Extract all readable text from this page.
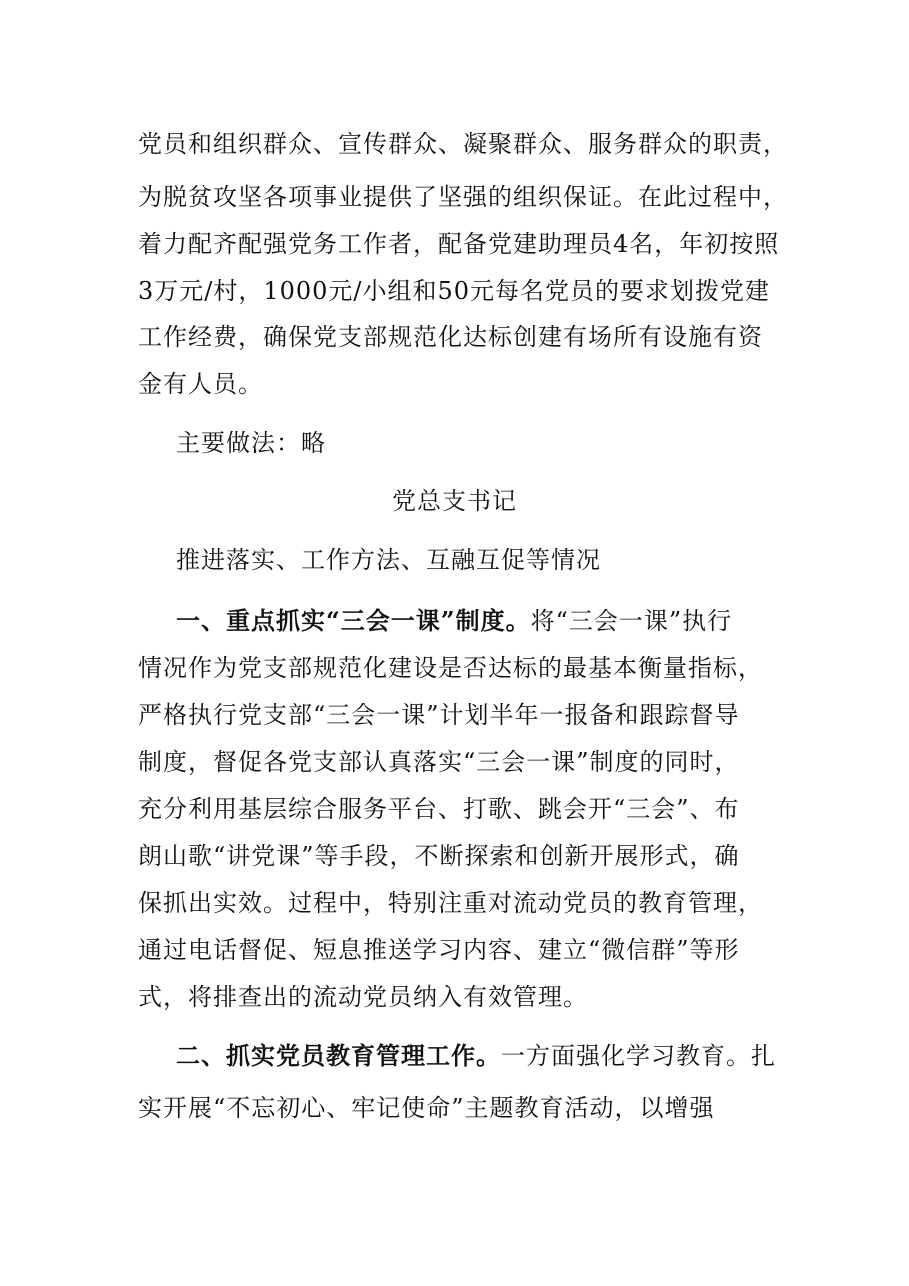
党员和组织群众、宣传群众、凝聚群众、服务群众的职责，
为脱贫攻坚各项事业提供了坚强的组织保证。在此过程中，
着力配齐配强党务工作者，配备党建助理员4名，年初按照
3万元/村，1000元/小组和50元每名党员的要求划拨党建
工作经费，确保党支部规范化达标创建有场所有设施有资
金有人员。
主要做法：略
党总支书记
推进落实、工作方法、互融互促等情况
一、重点抓实“三会一课”制度。将“三会一课”执行
情况作为党支部规范化建设是否达标的最基本衡量指标，
严格执行党支部“三会一课”计划半年一报备和跟踪督导
制度，督促各党支部认真落实“三会一课”制度的同时，
充分利用基层综合服务平台、打歌、跳会开“三会”、布
朗山歌“讲党课”等手段，不断探索和创新开展形式，确
保抓出实效。过程中，特别注重对流动党员的教育管理，
通过电话督促、短息推送学习内容、建立“微信群”等形
式，将排查出的流动党员纳入有效管理。
二、抓实党员教育管理工作。一方面强化学习教育。扎
实开展“不忘初心、牢记使命”主题教育活动，以增强
